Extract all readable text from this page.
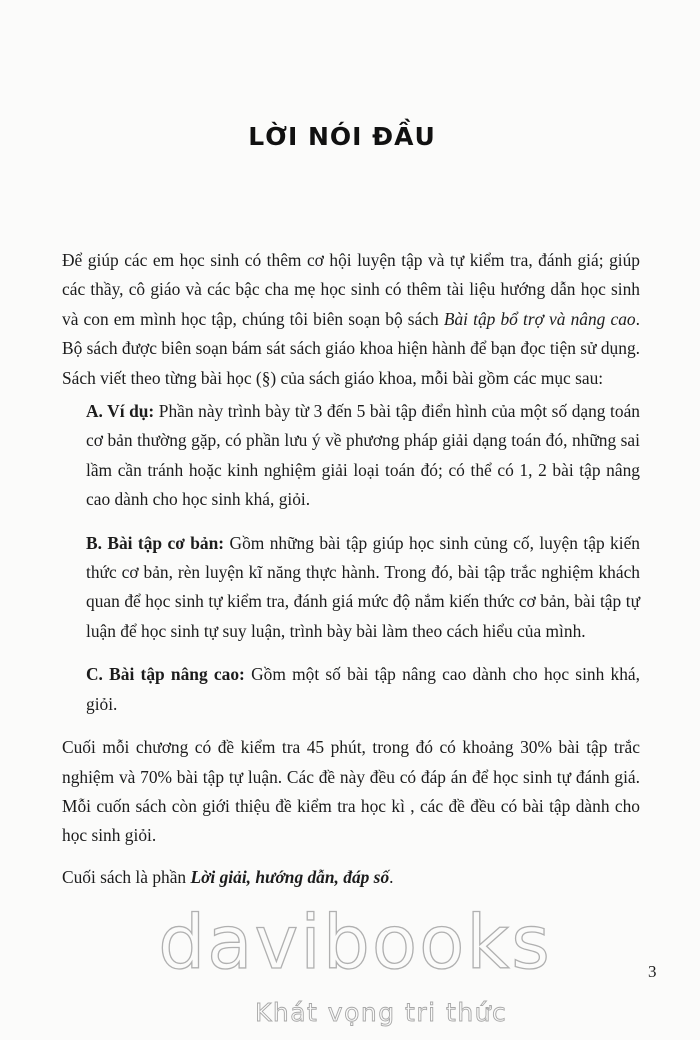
LỜI NÓI ĐẦU

Để giúp các em học sinh có thêm cơ hội luyện tập và tự kiểm tra, đánh giá; giúp các thầy, cô giáo và các bậc cha mẹ học sinh có thêm tài liệu hướng dẫn học sinh và con em mình học tập, chúng tôi biên soạn bộ sách Bài tập bổ trợ và nâng cao. Bộ sách được biên soạn bám sát sách giáo khoa hiện hành để bạn đọc tiện sử dụng. Sách viết theo từng bài học (§) của sách giáo khoa, mỗi bài gồm các mục sau:

A. Ví dụ: Phần này trình bày từ 3 đến 5 bài tập điển hình của một số dạng toán cơ bản thường gặp, có phần lưu ý về phương pháp giải dạng toán đó, những sai lầm cần tránh hoặc kinh nghiệm giải loại toán đó; có thể có 1, 2 bài tập nâng cao dành cho học sinh khá, giỏi.

B. Bài tập cơ bản: Gồm những bài tập giúp học sinh củng cố, luyện tập kiến thức cơ bản, rèn luyện kĩ năng thực hành. Trong đó, bài tập trắc nghiệm khách quan để học sinh tự kiểm tra, đánh giá mức độ nắm kiến thức cơ bản, bài tập tự luận để học sinh tự suy luận, trình bày bài làm theo cách hiểu của mình.

C. Bài tập nâng cao: Gồm một số bài tập nâng cao dành cho học sinh khá, giỏi.

Cuối mỗi chương có đề kiểm tra 45 phút, trong đó có khoảng 30% bài tập trắc nghiệm và 70% bài tập tự luận. Các đề này đều có đáp án để học sinh tự đánh giá. Mỗi cuốn sách còn giới thiệu đề kiểm tra học kì , các đề đều có bài tập dành cho học sinh giỏi.

Cuối sách là phần Lời giải, hướng dẫn, đáp số.

3
davibooks
Khát vọng tri thức
